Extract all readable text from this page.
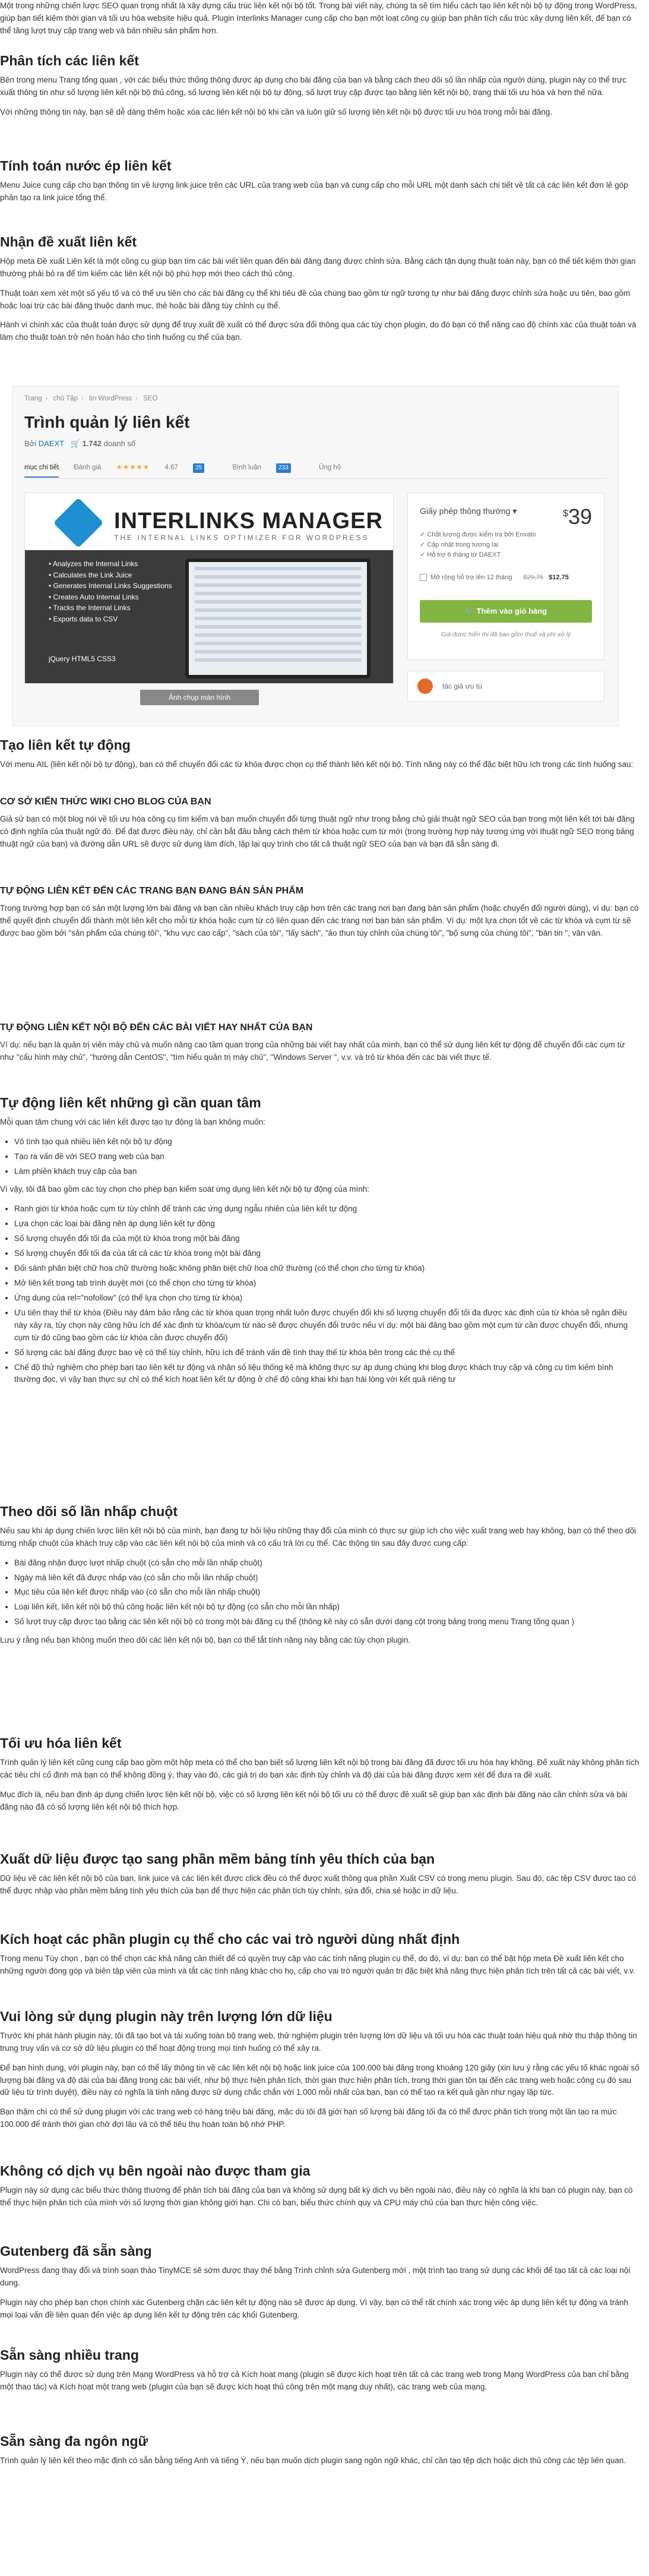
Một trong những chiến lược SEO quan trọng nhất là xây dựng cấu trúc liên kết nội bộ tốt. Trong bài viết này, chúng ta sẽ tìm hiểu cách tạo liên kết nội bộ tự động trong WordPress, giúp bạn tiết kiệm thời gian và tối ưu hóa website hiệu quả. Plugin Interlinks Manager cung cấp cho bạn một loạt công cụ giúp bạn phân tích cấu trúc xây dựng liên kết, để bạn có thể tăng lượt truy cập trang web và bán nhiều sản phẩm hơn.

Phân tích các liên kết

Bên trong menu Trang tổng quan , với các biểu thức thống thông được áp dụng cho bài đăng của bạn và bằng cách theo dõi số lần nhấp của người dùng, plugin này có thể trực xuất thông tin như số lượng liên kết nội bộ thủ công, số lượng liên kết nội bộ tự động, số lượt truy cập được tạo bằng liên kết nội bộ, trạng thái tối ưu hóa và hơn thế nữa.

Với những thông tin này, bạn sẽ dễ dàng thêm hoặc xóa các liên kết nội bộ khi cần và luôn giữ số lượng liên kết nội bộ được tối ưu hóa trong mỗi bài đăng.

Tính toán nước ép liên kết

Menu Juice cung cấp cho bạn thông tin về lượng link juice trên các URL của trang web của bạn và cung cấp cho mỗi URL một danh sách chi tiết về tất cả các liên kết đơn lẻ góp phần tạo ra link juice tổng thể.

Nhận đề xuất liên kết

Hộp meta Đề xuất Liên kết là một công cụ giúp bạn tìm các bài viết liên quan đến bài đăng đang được chỉnh sửa. Bằng cách tận dụng thuật toán này, bạn có thể tiết kiệm thời gian thường phải bỏ ra để tìm kiếm các liên kết nội bộ phù hợp mới theo cách thủ công.

Thuật toán xem xét một số yếu tố và có thể ưu tiên cho các bài đăng cụ thể khi tiêu đề của chúng bao gồm từ ngữ tương tự như bài đăng được chỉnh sửa hoặc ưu tiên, bao gồm hoặc loại trừ các bài đăng thuộc danh mục, thẻ hoặc bài đăng tùy chỉnh cụ thể.

Hành vi chính xác của thuật toán được sử dụng để truy xuất đề xuất có thể được sửa đổi thông qua các tùy chọn plugin, do đó bạn có thể nâng cao độ chính xác của thuật toán và làm cho thuật toán trở nên hoàn hảo cho tình huống cụ thể của bạn.

Trang › chủ Tập › tin WordPress › SEO
Trình quản lý liên kết
Bởi DAEXT 🛒 1.742 doanh số
mục chi tiết Đánh giá ★★★★★ 4.67	25	Bình luận	233	Ủng hộ
INTERLINKS MANAGER
THE INTERNAL LINKS OPTIMIZER FOR WORDPRESS
• Analyzes the Internal Links
• Calculates the Link Juice
• Generates Internal Links Suggestions
• Creates Auto Internal Links
• Tracks the Internal Links
• Exports data to CSV
jQuery HTML5 CSS3
Ảnh chụp màn hình
Giấy phép thông thường ▾	$39
✓ Chất lượng được kiểm tra bởi Envato
✓ Cập nhật trong tương lai
✓ Hỗ trợ 6 tháng từ DAEXT
Mở rộng hỗ trợ lên 12 tháng $29,75 $12,75
🛒 Thêm vào giỏ hàng
Giá được hiển thị đã bao gồm thuế và phí xử lý
tác giả ưu tú
Tạo liên kết tự động

Với menu AIL (liên kết nội bộ tự động), bạn có thể chuyển đổi các từ khóa được chọn cụ thể thành liên kết nội bộ. Tính năng này có thể đặc biệt hữu ích trong các tình huống sau:

CƠ SỞ KIẾN THỨC WIKI CHO BLOG CỦA BẠN

Giả sử bạn có một blog nói về tối ưu hóa công cụ tìm kiếm và bạn muốn chuyển đổi từng thuật ngữ như trong bằng chủ giải thuật ngữ SEO của bạn trong một liên kết tới bài đăng có định nghĩa của thuật ngữ đó. Để đạt được điều này, chỉ cần bắt đầu bằng cách thêm từ khóa hoặc cụm từ mới (trong trường hợp này tương ứng với thuật ngữ SEO trong bảng thuật ngữ của bạn) và đường dẫn URL sẽ được sử dụng làm đích, lặp lại quy trình cho tất cả thuật ngữ SEO của bạn và bạn đã sẵn sàng đi.

TỰ ĐỘNG LIÊN KẾT ĐẾN CÁC TRANG BẠN ĐANG BÁN SẢN PHẨM

Trong trường hợp bạn có sản một lượng lớn bài đăng và bạn cần nhiều khách truy cập hơn trên các trang nơi bạn đang bán sản phẩm (hoặc chuyển đổi người dùng), ví dụ: bạn có thể quyết định chuyển đổi thành một liên kết cho mỗi từ khóa hoặc cụm từ có liên quan đến các trang nơi bạn bán sản phẩm. Ví dụ: một lựa chọn tốt về các từ khóa và cụm từ sẽ được bao gồm bởi "sản phẩm của chúng tôi", "khu vực cao cấp", "sách của tôi", "lấy sách", "ảo thun tùy chỉnh của chúng tôi", "bộ sưng của chúng tôi", "bán tin ", vân vân.

TỰ ĐỘNG LIÊN KẾT NỘI BỘ ĐẾN CÁC BÀI VIẾT HAY NHẤT CỦA BẠN

Ví dụ: nếu bạn là quản trị viên máy chủ và muốn nâng cao tầm quan trọng của những bài viết hay nhất của mình, bạn có thể sử dụng liên kết tự động để chuyển đổi các cụm từ như "cấu hình máy chủ", "hướng dẫn CentOS", "tìm hiểu quản trị máy chủ", "Windows Server ", v.v. và trỏ từ khóa đến các bài viết thực tế.

Tự động liên kết những gì cần quan tâm

Mỗi quan tâm chung với các liên kết được tạo tự động là bạn không muốn:

• Vô tình tạo quá nhiều liên kết nội bộ tự động
• Tạo ra vấn đề với SEO trang web của bạn
• Làm phiền khách truy cập của bạn

Vì vậy, tôi đã bao gồm các tùy chọn cho phép bạn kiểm soát ứng dụng liên kết nội bộ tự động của mình:

• Ranh giới từ khóa hoặc cụm từ tùy chỉnh để tránh các ứng dụng ngẫu nhiên của liên kết tự động
• Lựa chọn các loại bài đăng nên áp dụng liên kết tự động
• Số lượng chuyển đổi tối đa của một từ khóa trong một bài đăng
• Số lượng chuyển đổi tối đa của tất cả các từ khóa trong một bài đăng
• Đối sánh phân biệt chữ hoa chữ thường hoặc không phân biệt chữ hoa chữ thường (có thể chọn cho từng từ khóa)
• Mở liên kết trong tab trình duyệt mới (có thể chọn cho từng từ khóa)
• Ứng dụng của rel="nofollow" (có thể lựa chọn cho từng từ khóa)
• Ưu tiên thay thế từ khóa (Điều này đảm bảo rằng các từ khóa quan trọng nhất luôn được chuyển đổi khi số lượng chuyển đổi tối đa được xác định của từ khóa sẽ ngăn điều này xảy ra, tùy chọn này cũng hữu ích để xác định từ khóa/cụm từ nào sẽ được chuyển đổi trước nếu ví dụ: một bài đăng bao gồm một cụm từ cần được chuyển đổi, nhưng cụm từ đó cũng bao gồm các từ khóa cần được chuyển đổi)
• Số lượng các bài đăng được bao vệ có thể tùy chỉnh, hữu ích để tránh vấn đề tình thay thế từ khóa bên trong các thẻ cụ thể
• Chế độ thử nghiệm cho phép bạn tạo liên kết tự động và nhận số liệu thống kê mà không thực sự áp dụng chúng khi blog được khách truy cập và công cụ tìm kiếm bình thường đọc, vì vậy bạn thực sự chỉ có thể kích hoạt liên kết tự động ở chế độ công khai khi bạn hài lòng với kết quả riêng tư
Theo dõi số lần nhấp chuột

Nếu sau khi áp dụng chiến lược liên kết nội bộ của mình, bạn đang tự hỏi liệu những thay đổi của mình có thực sự giúp ích cho việc xuất trang web hay không, bạn có thể theo dõi từng nhấp chuột của khách truy cập vào các liên kết nội bộ của mình và có cấu trả lời cụ thể. Các thông tin sau đây được cung cấp:

• Bài đăng nhận được lượt nhấp chuột (có sẵn cho mỗi lần nhấp chuột)
• Ngày mà liên kết đã được nhấp vào (có sẵn cho mỗi lần nhấp chuột)
• Mục tiêu của liên kết được nhấp vào (có sẵn cho mỗi lần nhấp chuột)
• Loại liên kết, liên kết nội bộ thủ công hoặc liên kết nội bộ tự động (có sẵn cho mỗi lần nhấp)
• Số lượt truy cập được tạo bằng các liên kết nội bộ có trong một bài đăng cụ thể (thông kê này có sẵn dưới dạng cột trong bảng trong menu Trang tổng quan )

Lưu ý rằng nếu bạn không muốn theo dõi các liên kết nội bộ, bạn có thể tắt tính năng này bằng các tùy chọn plugin.

Tối ưu hóa liên kết

Trình quản lý liên kết cũng cung cấp bao gồm một hộp meta có thể cho bạn biết số lượng liên kết nội bộ trong bài đăng đã được tối ưu hóa hay không. Để xuất này không phân tích các tiêu chí cố định mà bạn có thể không đồng ý, thay vào đó, các giá trị do bạn xác định tùy chỉnh và độ dài của bài đăng được xem xét để đưa ra đề xuất.

Mục đích là, nếu bạn định áp dụng chiến lược liên kết nội bộ, việc có số lượng liên kết nội bộ tối ưu có thể được đề xuất sẽ giúp bạn xác định bài đăng nào cần chỉnh sửa và bài đăng nào đã có số lượng liên kết nội bộ thích hợp.

Xuất dữ liệu được tạo sang phần mềm bảng tính yêu thích của bạn

Dữ liệu về các liên kết nội bộ của bạn, link juice và các liên kết được click đều có thể được xuất thông qua phần Xuất CSV có trong menu plugin. Sau đó, các tệp CSV được tạo có thể được nhập vào phần mềm bảng tính yêu thích của bạn để thực hiện các phân tích tùy chỉnh, sửa đổi, chia sẻ hoặc in dữ liệu.

Kích hoạt các phần plugin cụ thể cho các vai trò người dùng nhất định

Trong menu Tùy chọn , bạn có thể chọn các khả năng cần thiết để có quyền truy cập vào các tính năng plugin cụ thể, do đó, ví dụ: bạn có thể bật hộp meta Đề xuất liên kết cho những người đóng góp và biên tập viên của mình và tắt các tính năng khác cho họ, cấp cho vai trò người quản trị đặc biệt khả năng thực hiện phân tích trên tất cả các bài viết, v.v.

Vui lòng sử dụng plugin này trên lượng lớn dữ liệu

Trước khi phát hành plugin này, tôi đã tạo bot và tải xuống toàn bộ trang web, thử nghiệm plugin trên lượng lớn dữ liệu và tối ưu hóa các thuật toán hiệu quả nhờ thu thập thông tin trung truy vấn và cơ sở dữ liệu plugin có thể hoạt động trong mọi tình huống có thể xảy ra.

Để bạn hình dung, với plugin này, bạn có thể lấy thông tin về các liên kết nội bộ hoặc link juice của 100.000 bài đăng trong khoảng 120 giây (xin lưu ý rằng các yếu tố khác ngoài số lượng bài đăng và độ dài của bài đăng trong các bài viết, như bộ thực hiện phân tích, thời gian thực hiện phân tích, trong thời gian tồn tại đến các trang web hoặc công cụ đó sau dữ liệu từ trình duyệt), điều này có nghĩa là tính năng được sử dụng chắc chắn với 1.000 mỗi nhất của bạn, bạn có thể tạo ra kết quả gần như ngay lập tức.

Bạn thậm chí có thể sử dụng plugin với các trang web có hàng triệu bài đăng, mặc dù tôi đã giới hạn số lượng bài đăng tối đa có thể được phân tích trong một lần tạo ra mức 100.000 để tránh thời gian chờ đợi lâu và có thể tiêu thụ hoàn toàn bộ nhớ PHP.

Không có dịch vụ bên ngoài nào được tham gia

Plugin này sử dụng các biểu thức thông thường để phân tích bài đăng của bạn và không sử dụng bất kỳ dịch vụ bên ngoài nào, điều này có nghĩa là khi bạn có plugin này, bạn có thể thực hiện phân tích của mình với số lượng thời gian không giới hạn. Chi có bạn, biểu thức chính quy và CPU máy chủ của bạn thực hiện công việc.

Gutenberg đã sẵn sàng

WordPress đang thay đổi và trình soạn thảo TinyMCE sẽ sớm được thay thế bằng Trình chỉnh sửa Gutenberg mới , một trình tạo trang sử dụng các khối để tạo tất cả các loại nội dung.

Plugin này cho phép bạn chọn chính xác Gutenberg chặn các liên kết tự động nào sẽ được áp dụng. Vì vậy, bạn có thể rất chính xác trong việc áp dụng liên kết tự động và tránh mọi loại vấn đề liên quan đến việc áp dụng liên kết tự động trên các khối Gutenberg.

Sẵn sàng nhiều trang

Plugin này có thể được sử dụng trên Mạng WordPress và hỗ trợ cả Kích hoạt mạng (plugin sẽ được kích hoạt trên tất cả các trang web trong Mạng WordPress của bạn chỉ bằng một thao tác) và Kích hoạt một trang web (plugin của bạn sẽ được kích hoạt thủ công trên một mạng duy nhất), các trang web của mạng.

Sẵn sàng đa ngôn ngữ

Trình quản lý liên kết theo mặc định có sẵn bằng tiếng Anh và tiếng Ý, nếu bạn muốn dịch plugin sang ngôn ngữ khác, chỉ cần tạo tệp dịch hoặc dịch thủ công các tệp liên quan.
